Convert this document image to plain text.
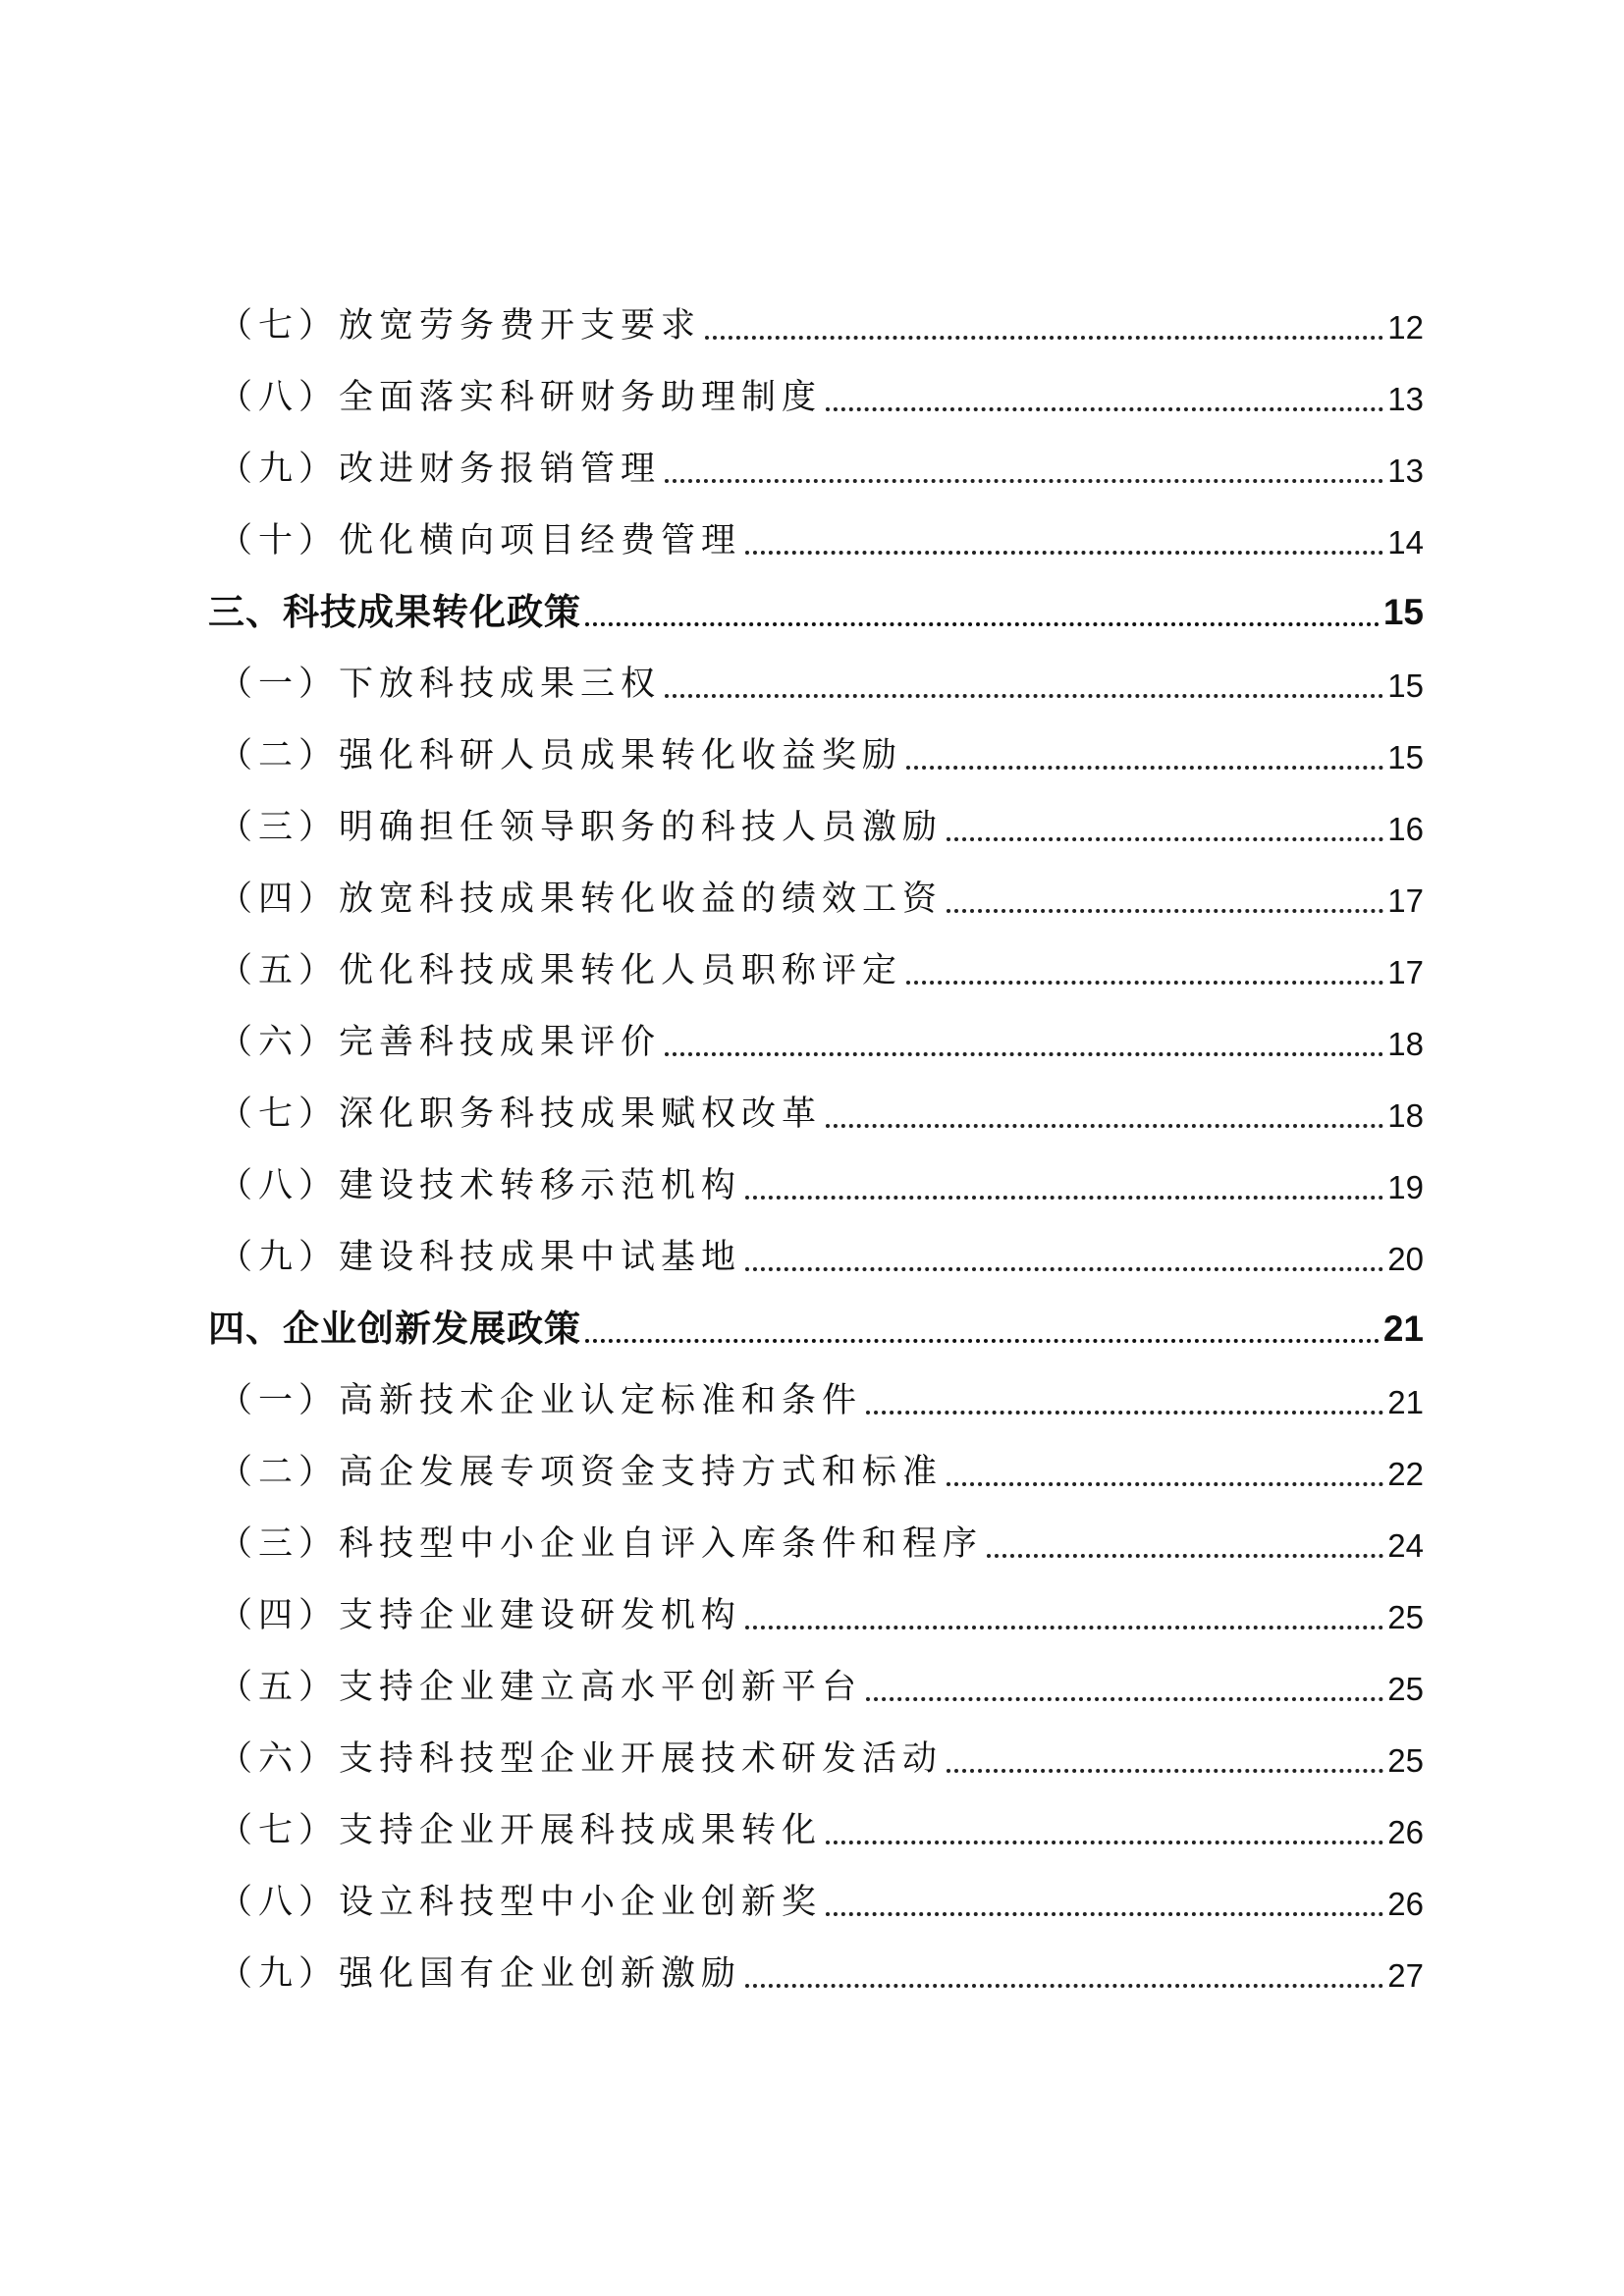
（七）放宽劳务费开支要求	12
（八）全面落实科研财务助理制度	13
（九）改进财务报销管理	13
（十）优化横向项目经费管理	14
三、科技成果转化政策	15
（一）下放科技成果三权	15
（二）强化科研人员成果转化收益奖励	15
（三）明确担任领导职务的科技人员激励	16
（四）放宽科技成果转化收益的绩效工资	17
（五）优化科技成果转化人员职称评定	17
（六）完善科技成果评价	18
（七）深化职务科技成果赋权改革	18
（八）建设技术转移示范机构	19
（九）建设科技成果中试基地	20
四、企业创新发展政策	21
（一）高新技术企业认定标准和条件	21
（二）高企发展专项资金支持方式和标准	22
（三）科技型中小企业自评入库条件和程序	24
（四）支持企业建设研发机构	25
（五）支持企业建立高水平创新平台	25
（六）支持科技型企业开展技术研发活动	25
（七）支持企业开展科技成果转化	26
（八）设立科技型中小企业创新奖	26
（九）强化国有企业创新激励	27
